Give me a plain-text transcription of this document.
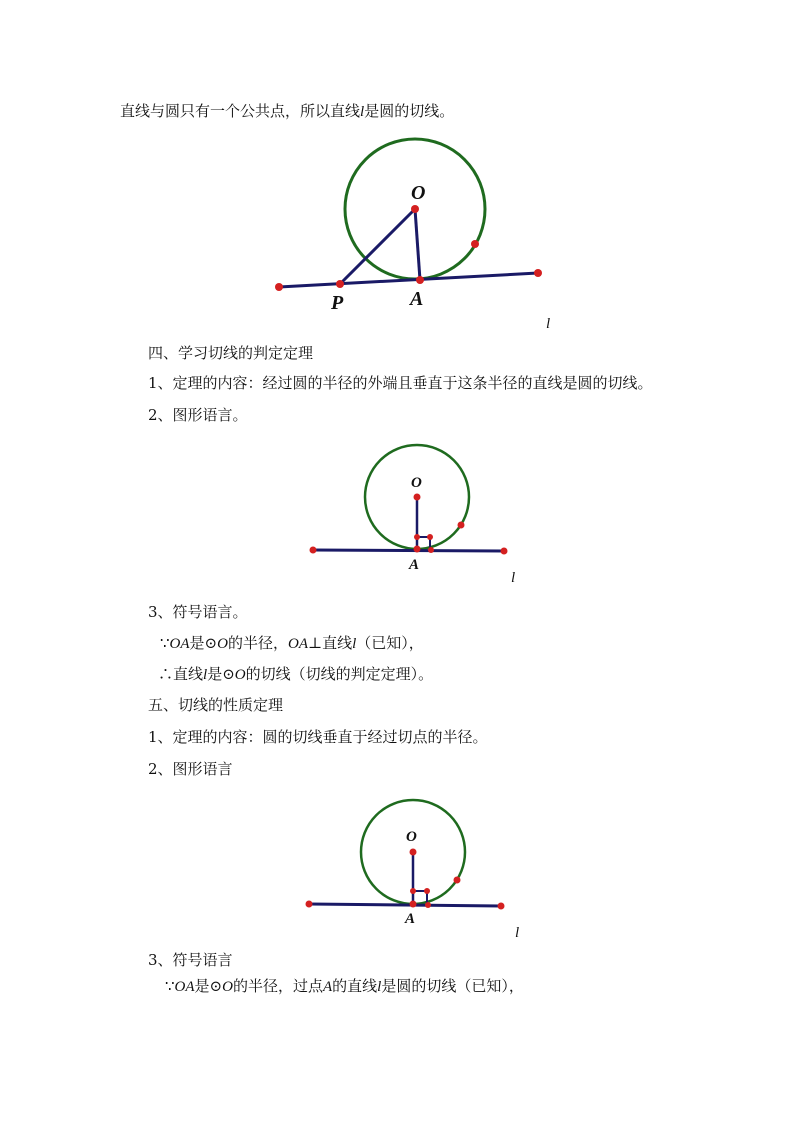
直线与圆只有一个公共点，所以直线l是圆的切线。
O
P	A
l
四、学习切线的判定定理
1、定理的内容：经过圆的半径的外端且垂直于这条半径的直线是圆的切线。
2、图形语言。
O
A
l
3、符号语言。
∵OA是⊙O的半径，OA⊥直线l（已知），
∴直线l是⊙O的切线（切线的判定定理）。
五、切线的性质定理
1、定理的内容：圆的切线垂直于经过切点的半径。
2、图形语言
O
A
l
3、符号语言
∵OA是⊙O的半径，过点A的直线l是圆的切线（已知），
